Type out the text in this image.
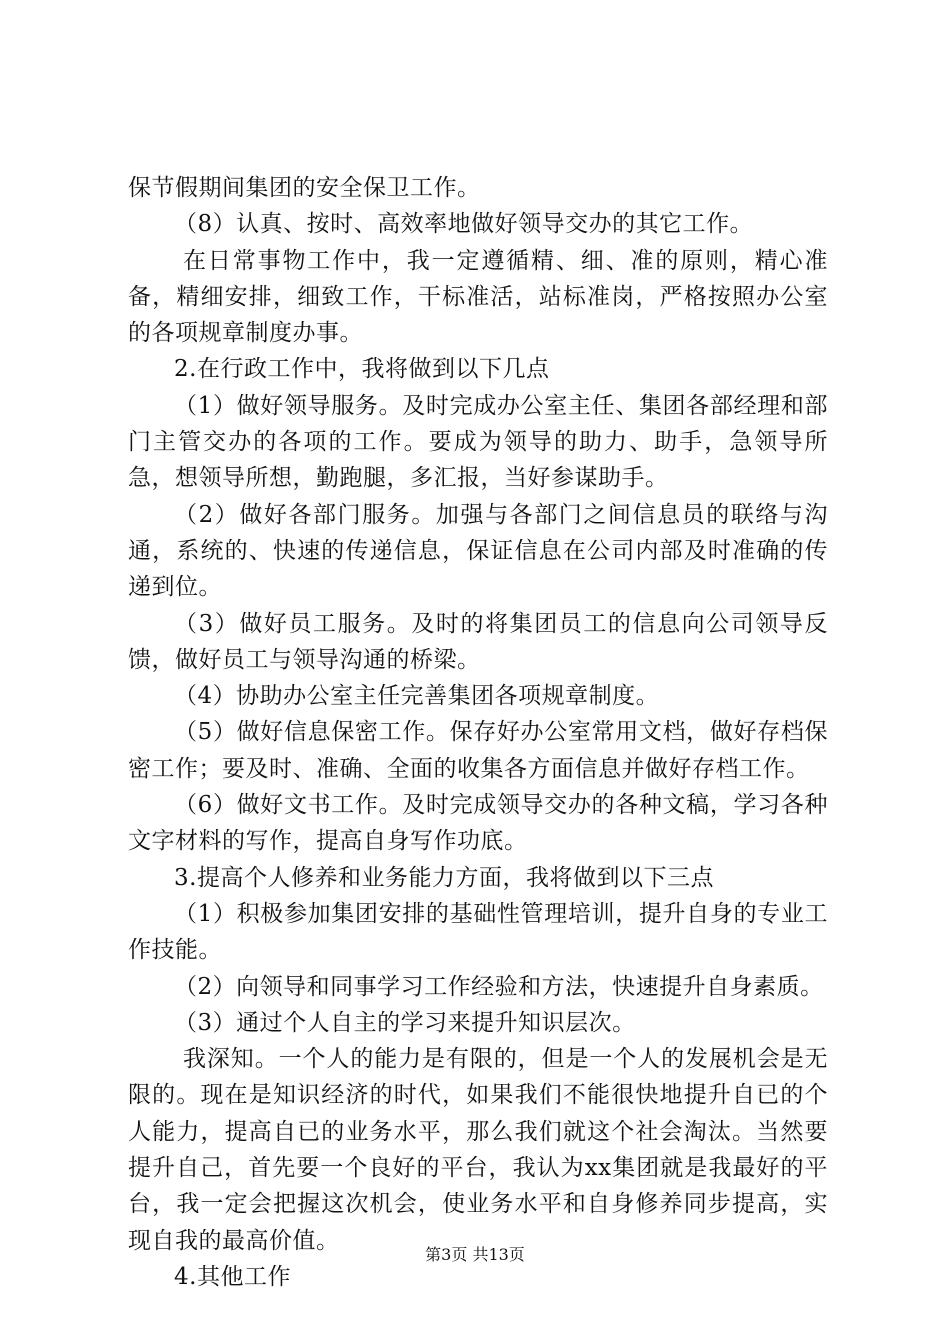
保节假期间集团的安全保卫工作。

（8）认真、按时、高效率地做好领导交办的其它工作。

在日常事物工作中，我一定遵循精、细、准的原则，精心准备，精细安排，细致工作，干标准活，站标准岗，严格按照办公室的各项规章制度办事。

2.在行政工作中，我将做到以下几点

（1）做好领导服务。及时完成办公室主任、集团各部经理和部门主管交办的各项的工作。要成为领导的助力、助手，急领导所急，想领导所想，勤跑腿，多汇报，当好参谋助手。

（2）做好各部门服务。加强与各部门之间信息员的联络与沟通，系统的、快速的传递信息，保证信息在公司内部及时准确的传递到位。

（3）做好员工服务。及时的将集团员工的信息向公司领导反馈，做好员工与领导沟通的桥梁。

（4）协助办公室主任完善集团各项规章制度。

（5）做好信息保密工作。保存好办公室常用文档，做好存档保密工作；要及时、准确、全面的收集各方面信息并做好存档工作。

（6）做好文书工作。及时完成领导交办的各种文稿，学习各种文字材料的写作，提高自身写作功底。

3.提高个人修养和业务能力方面，我将做到以下三点

（1）积极参加集团安排的基础性管理培训，提升自身的专业工作技能。

（2）向领导和同事学习工作经验和方法，快速提升自身素质。

（3）通过个人自主的学习来提升知识层次。

我深知。一个人的能力是有限的，但是一个人的发展机会是无限的。现在是知识经济的时代，如果我们不能很快地提升自已的个人能力，提高自已的业务水平，那么我们就这个社会淘汰。当然要提升自己，首先要一个良好的平台，我认为xx集团就是我最好的平台，我一定会把握这次机会，使业务水平和自身修养同步提高，实现自我的最高价值。

4.其他工作

第3页 共13页
